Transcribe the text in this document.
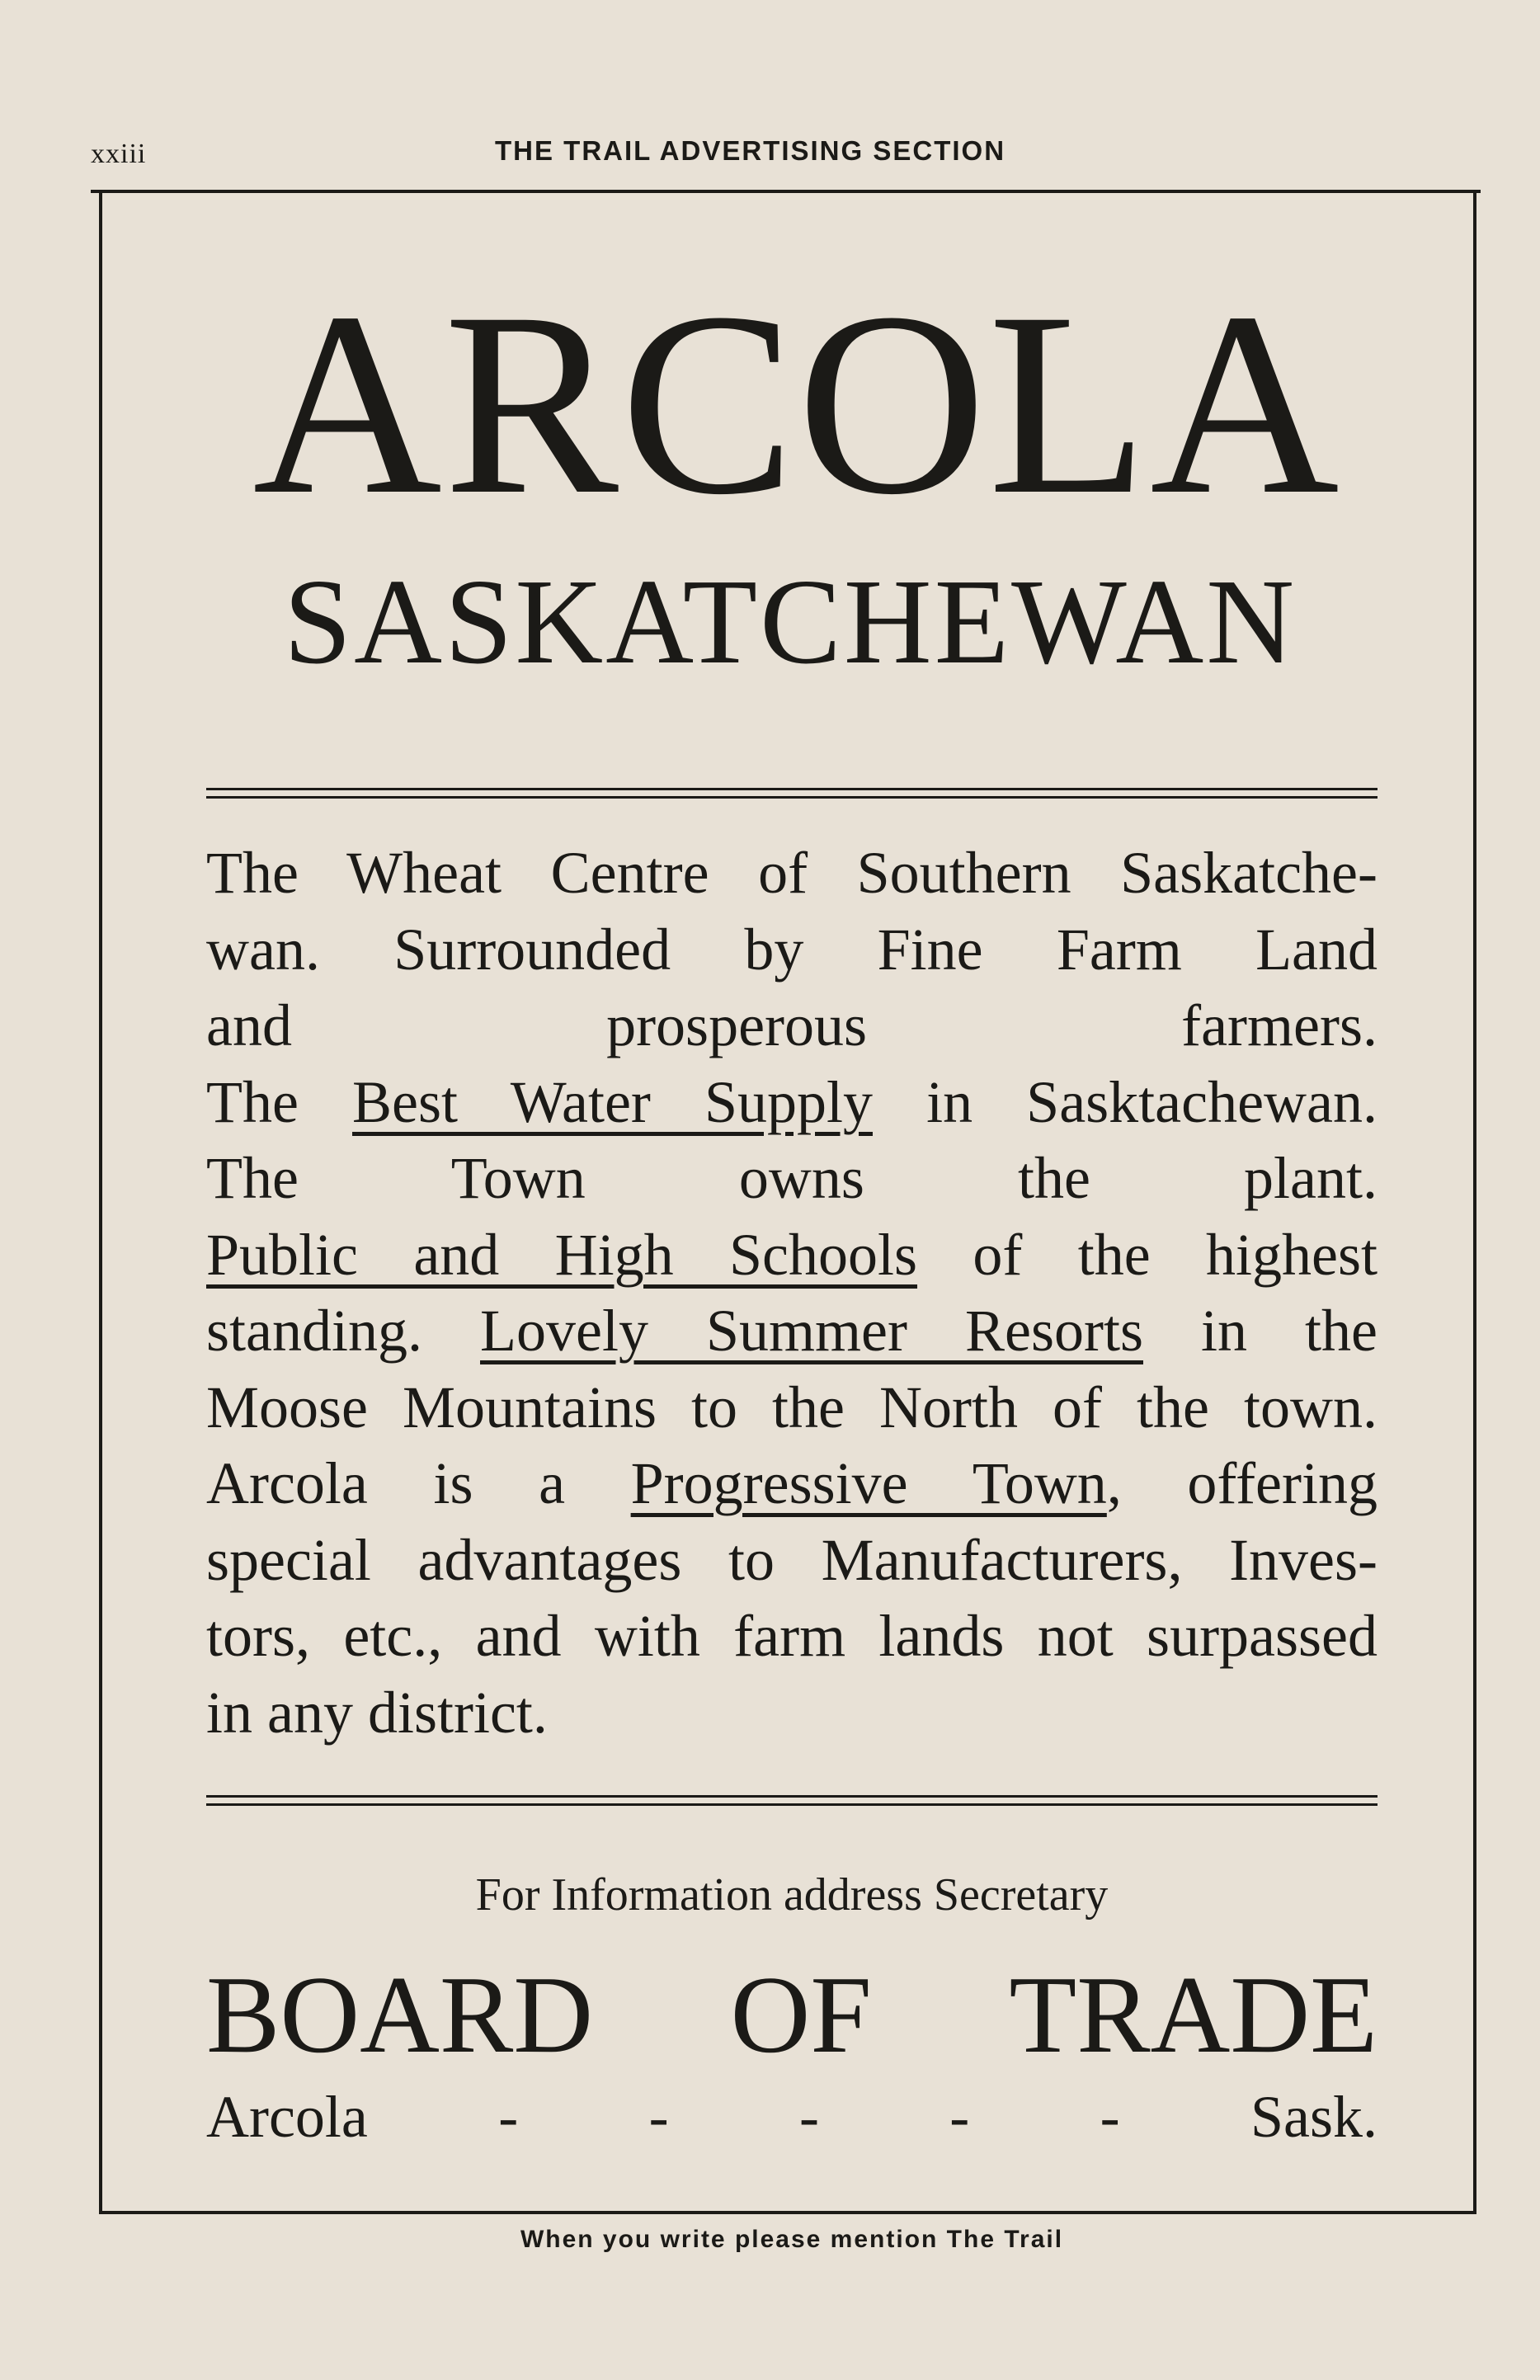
xxiii	THE TRAIL ADVERTISING SECTION
ARCOLA
SASKATCHEWAN
The Wheat Centre of Southern Saskatche-
wan. Surrounded by Fine Farm Land
and prosperous farmers.
The Best Water Supply in Sasktachewan.
The Town owns the plant.
Public and High Schools of the highest
standing. Lovely Summer Resorts in the
Moose Mountains to the North of the town.
Arcola is a Progressive Town, offering
special advantages to Manufacturers, Inves-
tors, etc., and with farm lands not surpassed
in any district.
For Information address Secretary
BOARD OF TRADE
Arcola - - - - - Sask.
When you write please mention The Trail
